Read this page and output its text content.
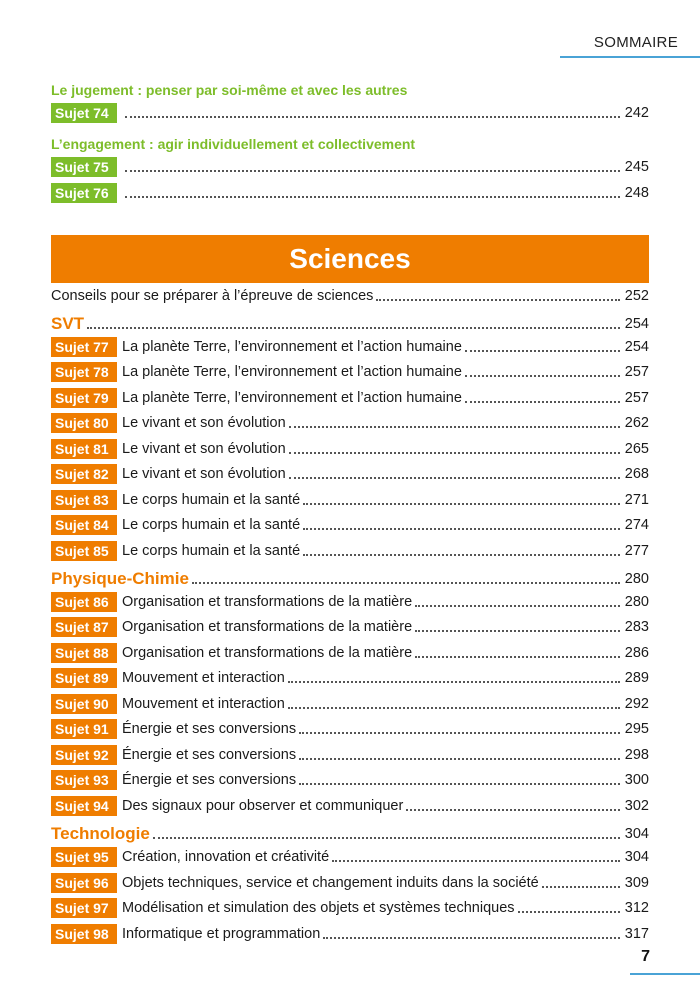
SOMMAIRE
Le jugement : penser par soi-même et avec les autres
Sujet 74	242
L’engagement : agir individuellement et collectivement
Sujet 75	245
Sujet 76	248
Sciences
Conseils pour se préparer à l’épreuve de sciences	252
SVT	254
Sujet 77 La planète Terre, l’environnement et l’action humaine	254
Sujet 78 La planète Terre, l’environnement et l’action humaine	257
Sujet 79 La planète Terre, l’environnement et l’action humaine	257
Sujet 80 Le vivant et son évolution	262
Sujet 81 Le vivant et son évolution	265
Sujet 82 Le vivant et son évolution	268
Sujet 83 Le corps humain et la santé	271
Sujet 84 Le corps humain et la santé	274
Sujet 85 Le corps humain et la santé	277
Physique-Chimie	280
Sujet 86 Organisation et transformations de la matière	280
Sujet 87 Organisation et transformations de la matière	283
Sujet 88 Organisation et transformations de la matière	286
Sujet 89 Mouvement et interaction	289
Sujet 90 Mouvement et interaction	292
Sujet 91 Énergie et ses conversions	295
Sujet 92 Énergie et ses conversions	298
Sujet 93 Énergie et ses conversions	300
Sujet 94 Des signaux pour observer et communiquer	302
Technologie	304
Sujet 95 Création, innovation et créativité	304
Sujet 96 Objets techniques, service et changement induits dans la société	309
Sujet 97 Modélisation et simulation des objets et systèmes techniques	312
Sujet 98 Informatique et programmation	317
7
